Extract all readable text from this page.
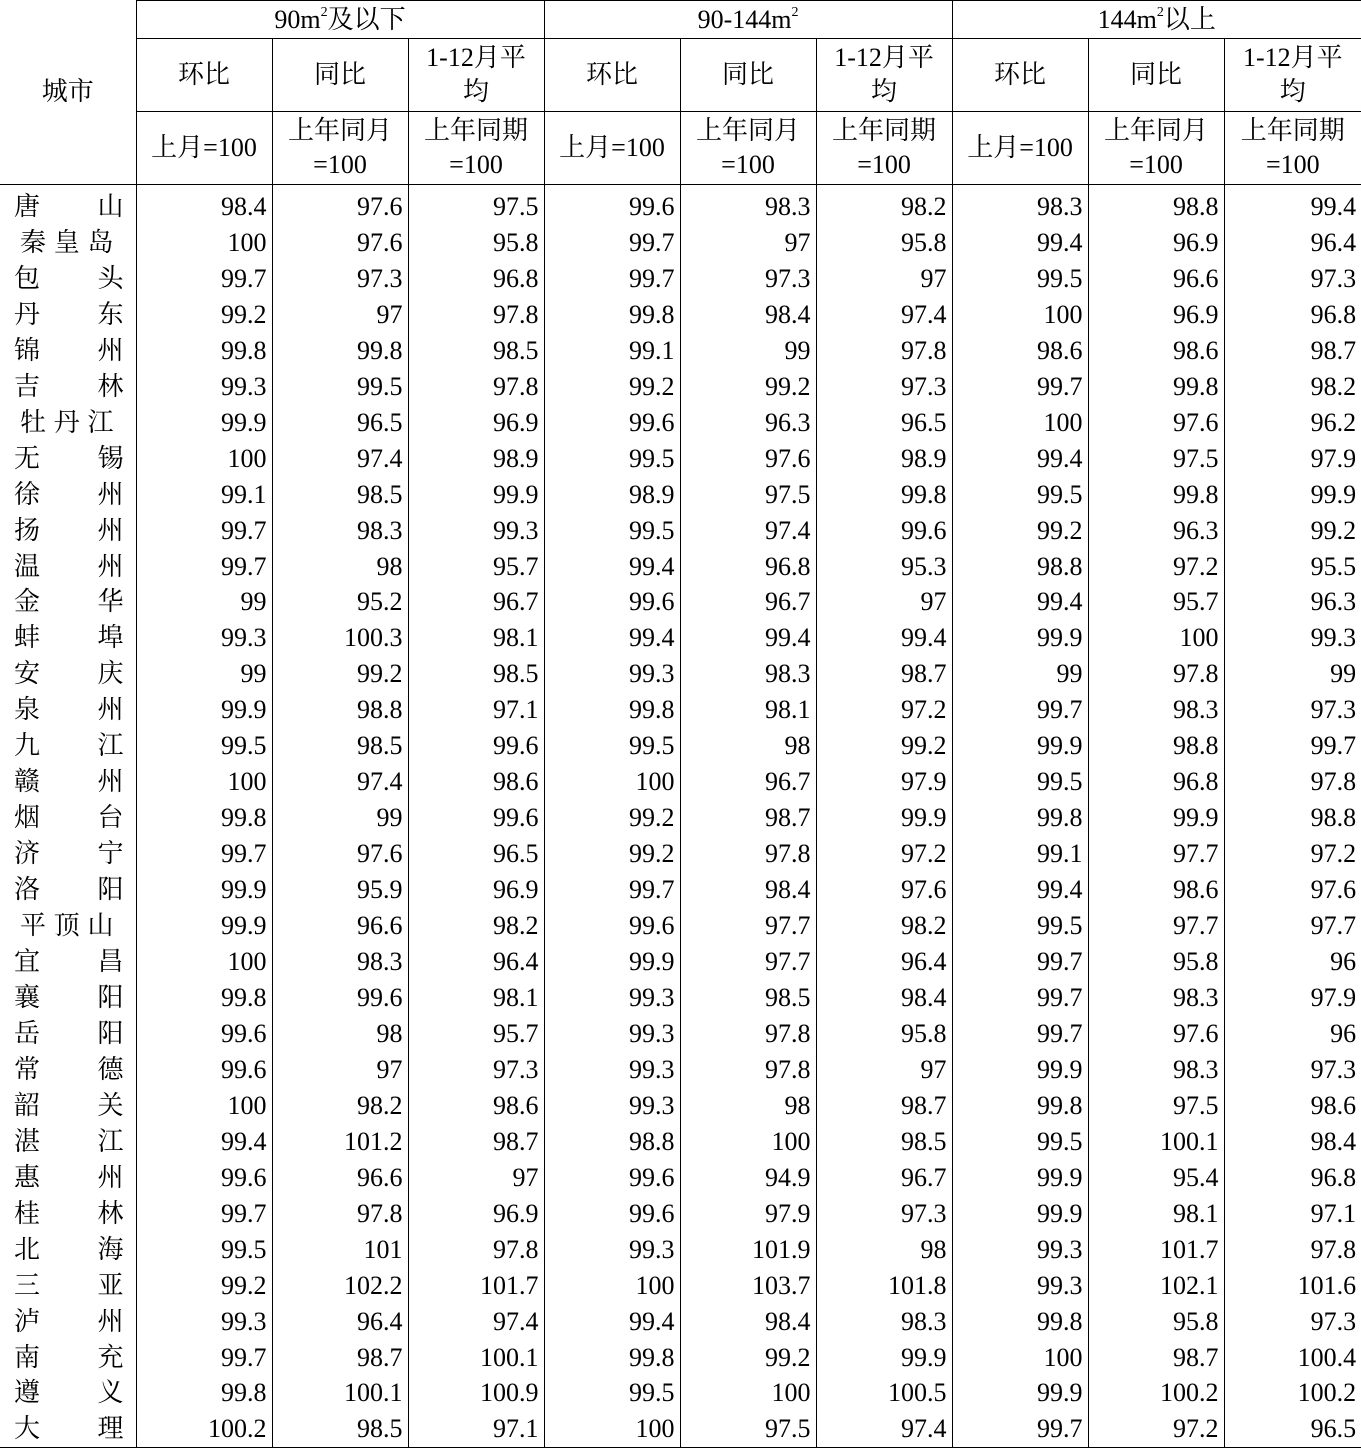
城市	$90m^2$及以下			$90-144m^2$			$144m^2$以上		
	环比	同比	1-12月平均	环比	同比	1-12月平均	环比	同比	1-12月平均
	上月=100	上年同月=100	上年同期=100	上月=100	上年同月=100	上年同期=100	上月=100	上年同月=100	上年同期=100

唐 山	98.4	97.6	97.5	99.6	98.3	98.2	98.3	98.8	99.4

秦 皇 岛	100	97.6	95.8	99.7	97	95.8	99.4	96.9	96.4

包 头	99.7	97.3	96.8	99.7	97.3	97	99.5	96.6	97.3

丹 东	99.2	97	97.8	99.8	98.4	97.4	100	96.9	96.8

锦 州	99.8	99.8	98.5	99.1	99	97.8	98.6	98.6	98.7

吉 林	99.3	99.5	97.8	99.2	99.2	97.3	99.7	99.8	98.2

牡 丹 江	99.9	96.5	96.9	99.6	96.3	96.5	100	97.6	96.2

无 锡	100	97.4	98.9	99.5	97.6	98.9	99.4	97.5	97.9

徐 州	99.1	98.5	99.9	98.9	97.5	99.8	99.5	99.8	99.9

扬 州	99.7	98.3	99.3	99.5	97.4	99.6	99.2	96.3	99.2

温 州	99.7	98	95.7	99.4	96.8	95.3	98.8	97.2	95.5

金 华	99	95.2	96.7	99.6	96.7	97	99.4	95.7	96.3

蚌 埠	99.3	100.3	98.1	99.4	99.4	99.4	99.9	100	99.3

安 庆	99	99.2	98.5	99.3	98.3	98.7	99	97.8	99

泉 州	99.9	98.8	97.1	99.8	98.1	97.2	99.7	98.3	97.3

九 江	99.5	98.5	99.6	99.5	98	99.2	99.9	98.8	99.7

赣 州	100	97.4	98.6	100	96.7	97.9	99.5	96.8	97.8

烟 台	99.8	99	99.6	99.2	98.7	99.9	99.8	99.9	98.8

济 宁	99.7	97.6	96.5	99.2	97.8	97.2	99.1	97.7	97.2

洛 阳	99.9	95.9	96.9	99.7	98.4	97.6	99.4	98.6	97.6

平 顶 山	99.9	96.6	98.2	99.6	97.7	98.2	99.5	97.7	97.7

宜 昌	100	98.3	96.4	99.9	97.7	96.4	99.7	95.8	96

襄 阳	99.8	99.6	98.1	99.3	98.5	98.4	99.7	98.3	97.9

岳 阳	99.6	98	95.7	99.3	97.8	95.8	99.7	97.6	96

常 德	99.6	97	97.3	99.3	97.8	97	99.9	98.3	97.3

韶 关	100	98.2	98.6	99.3	98	98.7	99.8	97.5	98.6

湛 江	99.4	101.2	98.7	98.8	100	98.5	99.5	100.1	98.4

惠 州	99.6	96.6	97	99.6	94.9	96.7	99.9	95.4	96.8

桂 林	99.7	97.8	96.9	99.6	97.9	97.3	99.9	98.1	97.1

北 海	99.5	101	97.8	99.3	101.9	98	99.3	101.7	97.8

三 亚	99.2	102.2	101.7	100	103.7	101.8	99.3	102.1	101.6

泸 州	99.3	96.4	97.4	99.4	98.4	98.3	99.8	95.8	97.3

南 充	99.7	98.7	100.1	99.8	99.2	99.9	100	98.7	100.4

遵 义	99.8	100.1	100.9	99.5	100	100.5	99.9	100.2	100.2

大 理	100.2	98.5	97.1	100	97.5	97.4	99.7	97.2	96.5
